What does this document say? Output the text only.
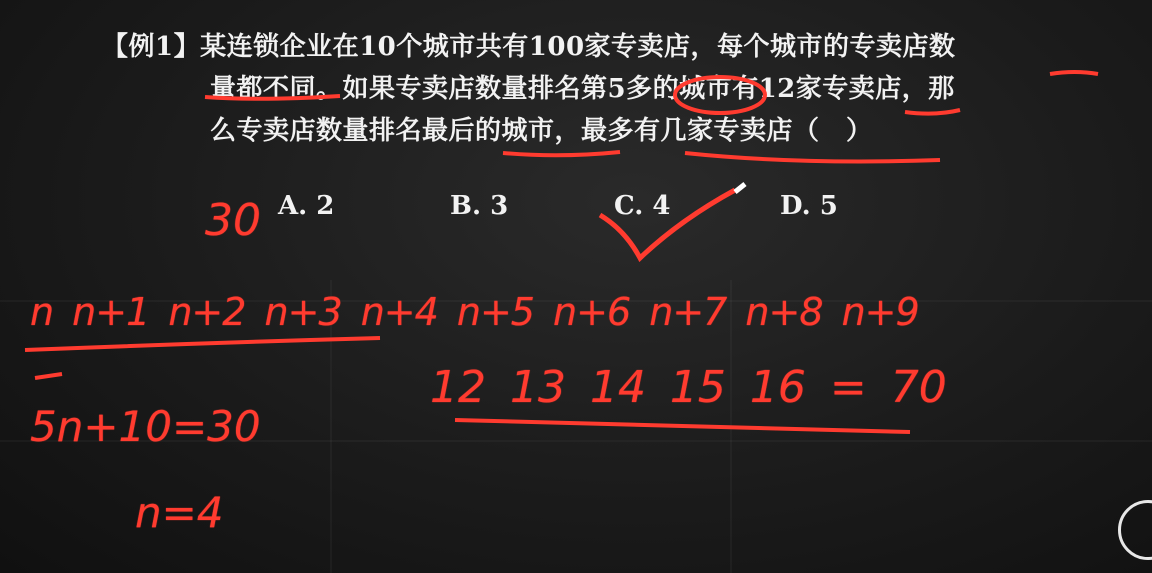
【例1】某连锁企业在10个城市共有100家专卖店，每个城市的专卖店数
量都不同。如果专卖店数量排名第5多的城市有12家专卖店，那
么专卖店数量排名最后的城市，最多有几家专卖店（　）
A. 2	B. 3	C. 4	D. 5
30
n n+1 n+2 n+3 n+4 n+5 n+6 n+7 n+8 n+9
12 13 14 15 16 = 70
5n+10=30
n=4
